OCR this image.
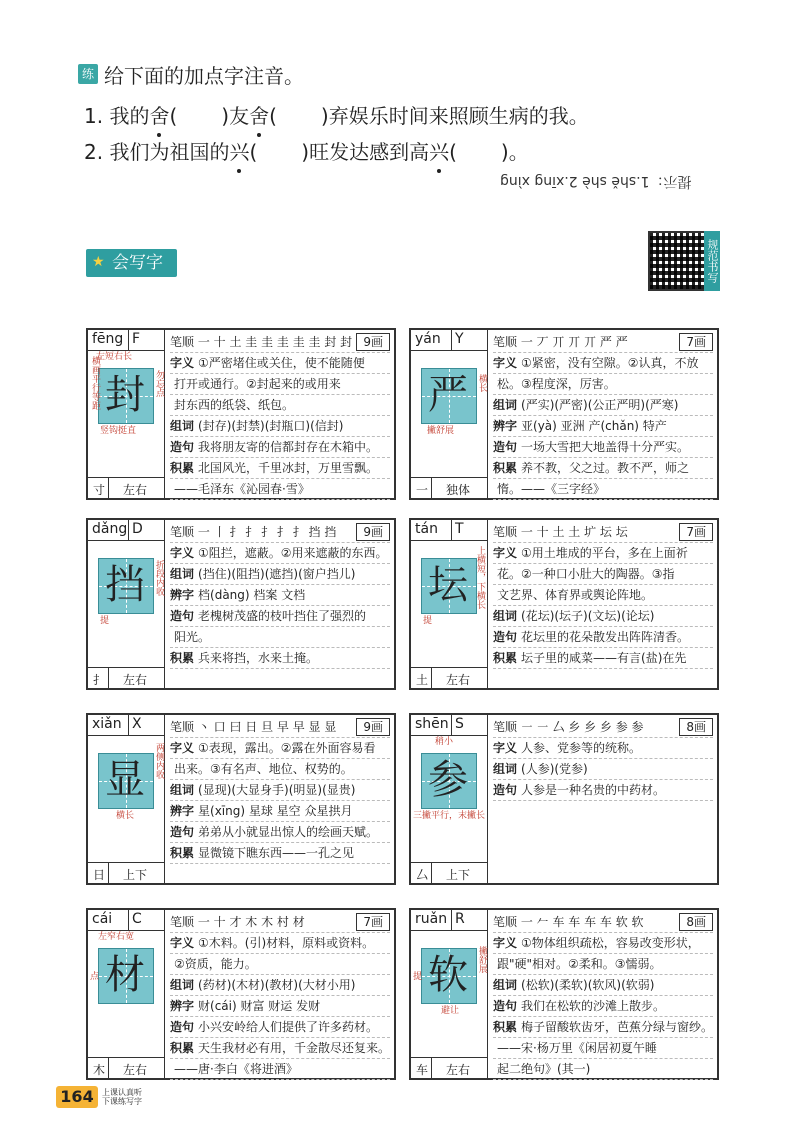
练 给下面的加点字注音。
1. 我的舍( )友舍( )弃娱乐时间来照顾生病的我。
2. 我们为祖国的兴( )旺发达感到高兴( )。
提示：1.shě shè 2.xīng xìng
会写字
★	规范书写
fēng F
封
左短右长
横画平行等距
竖钩挺直
勿忘点
寸	左右
笔顺 一 十 土 圭 圭 圭 圭 圭 封 封 9画
字义 ①严密堵住或关住，使不能随便
打开或通行。②封起来的或用来
封东西的纸袋、纸包。
组词 (封存)(封禁)(封瓶口)(信封)
造句 我将朋友寄的信都封存在木箱中。
积累 北国风光，千里冰封，万里雪飘。
——毛泽东《沁园春·雪》
yán Y
严	横长
撇舒展
一	独体
笔顺 一 丆 丌 丌 丌 严 严	7画
字义 ①紧密，没有空隙。②认真，不放
松。③程度深，厉害。
组词 (严实)(严密)(公正严明)(严寒)
辨字 亚(yà) 亚洲 产(chǎn) 特产
造句 一场大雪把大地盖得十分严实。
积累 养不教，父之过。教不严，师之
惰。——《三字经》
dǎng D
挡	折段内收
提
扌	左右
笔顺 一 丨 扌 扌 扌 扌 扌 挡 挡	9画
字义 ①阻拦，遮蔽。②用来遮蔽的东西。
组词 (挡住)(阻挡)(遮挡)(窗户挡儿)
辨字 档(dàng) 档案 文档
造句 老槐树茂盛的枝叶挡住了强烈的
阳光。
积累 兵来将挡，水来土掩。
tán T
坛 上横短，下横长
提
土	左右
笔顺 一 十 土 土 圹 坛 坛	7画
字义 ①用土堆成的平台，多在上面祈
花。②一种口小肚大的陶器。③指
文艺界、体育界或舆论阵地。
组词 (花坛)(坛子)(文坛)(论坛)
造句 花坛里的花朵散发出阵阵清香。
积累 坛子里的咸菜——有言(盐)在先
xiǎn X
显	两侧内收
横长
日	上下
笔顺 丶 口 曰 日 旦 早 早 显 显	9画
字义 ①表现，露出。②露在外面容易看
出来。③有名声、地位、权势的。
组词 (显现)(大显身手)(明显)(显贵)
辨字 星(xīng) 星球 星空 众星拱月
造句 弟弟从小就显出惊人的绘画天赋。
积累 显微镜下瞧东西——一孔之见
shēn S
参
稍小
三撇平行，末撇长
厶	上下
笔顺 ㇐ ㇐ 厶 乡 乡 乡 参 参	8画
字义 人参、党参等的统称。
组词 (人参)(党参)
造句 人参是一种名贵的中药材。
cái C
材
左窄右宽
点
木	左右
笔顺 一 十 才 木 木 村 材	7画
字义 ①木料。(引)材料，原料或资料。
②资质，能力。
组词 (药材)(木材)(教材)(大材小用)
辨字 财(cái) 财富 财运 发财
造句 小兴安岭给人们提供了许多药材。
积累 天生我材必有用，千金散尽还复来。
——唐·李白《将进酒》
ruǎn R
软	撇舒展
提
避让
车	左右
笔顺 一 𠂉 车 车 车 车 软 软	8画
字义 ①物体组织疏松，容易改变形状，
跟"硬"相对。②柔和。③懦弱。
组词 (松软)(柔软)(软风)(软弱)
造句 我们在松软的沙滩上散步。
积累 梅子留酸软齿牙，芭蕉分绿与窗纱。
——宋·杨万里《闲居初夏午睡
起二绝句》(其一)
164	上课认真听 下课练写字
